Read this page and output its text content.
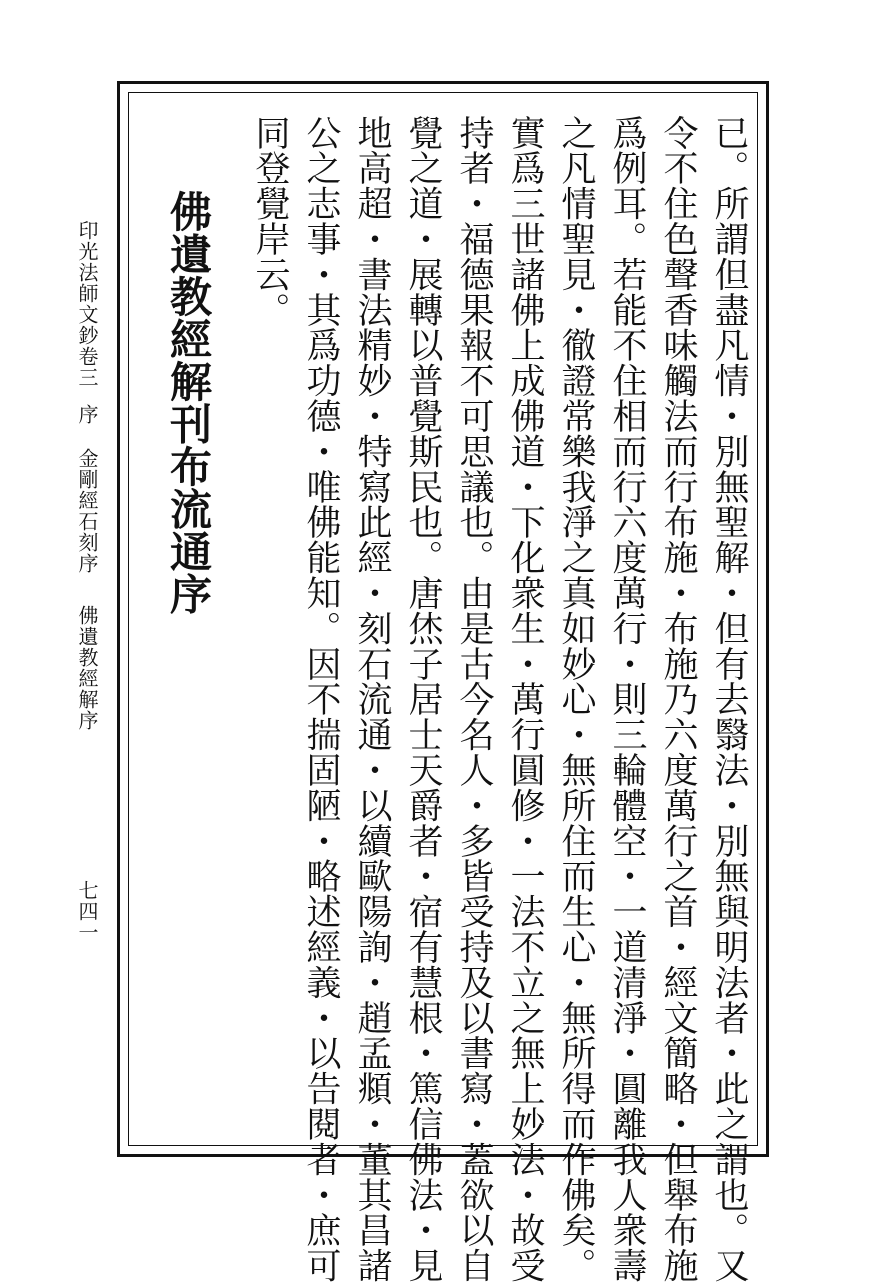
已。所謂但盡凡情・別無聖解・但有去翳法・別無與明法者・此之謂也。又
令不住色聲香味觸法而行布施・布施乃六度萬行之首・經文簡略・但舉布施
爲例耳。若能不住相而行六度萬行・則三輪體空・一道清淨・圓離我人衆壽
之凡情聖見・徹證常樂我淨之真如妙心・無所住而生心・無所得而作佛矣。
實爲三世諸佛上成佛道・下化衆生・萬行圓修・一法不立之無上妙法・故受
持者・福德果報不可思議也。由是古今名人・多皆受持及以書寫・蓋欲以自
覺之道・展轉以普覺斯民也。唐烋子居士天爵者・宿有慧根・篤信佛法・見
地高超・書法精妙・特寫此經・刻石流通・以續歐陽詢・趙孟頫・董其昌諸
公之志事・其爲功德・唯佛能知。因不揣固陋・略述經義・以告閱者・庶可
同登覺岸云。
佛遺教經解刊布流通序
印光法師文鈔卷三
序
金剛經石刻序
佛遺教經解序
七四一
